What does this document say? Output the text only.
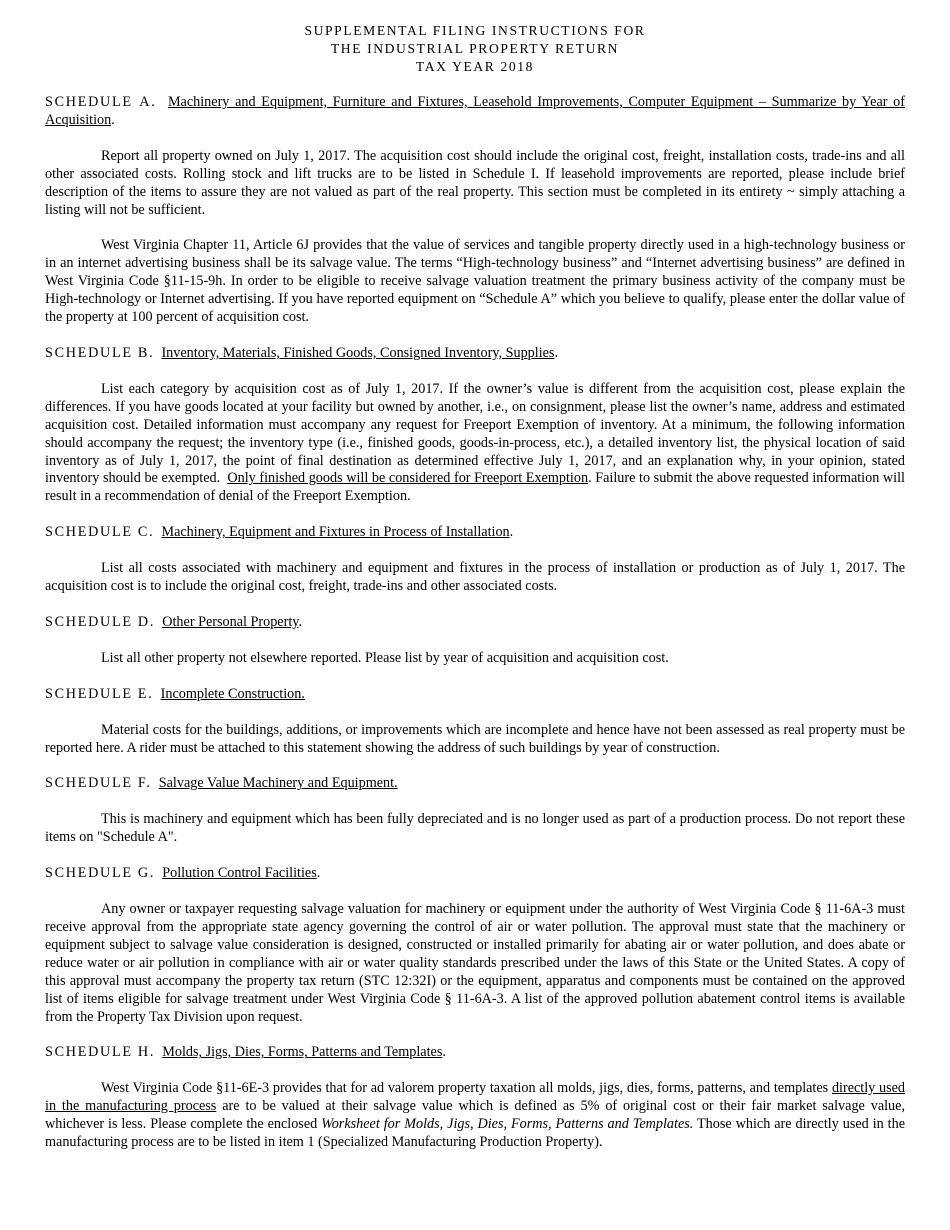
SUPPLEMENTAL FILING INSTRUCTIONS FOR
THE INDUSTRIAL PROPERTY RETURN
TAX YEAR 2018

SCHEDULE A. Machinery and Equipment, Furniture and Fixtures, Leasehold Improvements, Computer Equipment – Summarize by Year of Acquisition.

Report all property owned on July 1, 2017. The acquisition cost should include the original cost, freight, installation costs, trade-ins and all other associated costs. Rolling stock and lift trucks are to be listed in Schedule I. If leasehold improvements are reported, please include brief description of the items to assure they are not valued as part of the real property. This section must be completed in its entirety ~ simply attaching a listing will not be sufficient.

West Virginia Chapter 11, Article 6J provides that the value of services and tangible property directly used in a high-technology business or in an internet advertising business shall be its salvage value. The terms “High-technology business” and “Internet advertising business” are defined in West Virginia Code §11-15-9h. In order to be eligible to receive salvage valuation treatment the primary business activity of the company must be High-technology or Internet advertising. If you have reported equipment on “Schedule A” which you believe to qualify, please enter the dollar value of the property at 100 percent of acquisition cost.

SCHEDULE B. Inventory, Materials, Finished Goods, Consigned Inventory, Supplies.

List each category by acquisition cost as of July 1, 2017. If the owner’s value is different from the acquisition cost, please explain the differences. If you have goods located at your facility but owned by another, i.e., on consignment, please list the owner’s name, address and estimated acquisition cost. Detailed information must accompany any request for Freeport Exemption of inventory. At a minimum, the following information should accompany the request; the inventory type (i.e., finished goods, goods-in-process, etc.), a detailed inventory list, the physical location of said inventory as of July 1, 2017, the point of final destination as determined effective July 1, 2017, and an explanation why, in your opinion, stated inventory should be exempted. Only finished goods will be considered for Freeport Exemption. Failure to submit the above requested information will result in a recommendation of denial of the Freeport Exemption.

SCHEDULE C. Machinery, Equipment and Fixtures in Process of Installation.

List all costs associated with machinery and equipment and fixtures in the process of installation or production as of July 1, 2017. The acquisition cost is to include the original cost, freight, trade-ins and other associated costs.

SCHEDULE D. Other Personal Property.

List all other property not elsewhere reported. Please list by year of acquisition and acquisition cost.

SCHEDULE E. Incomplete Construction.

Material costs for the buildings, additions, or improvements which are incomplete and hence have not been assessed as real property must be reported here. A rider must be attached to this statement showing the address of such buildings by year of construction.

SCHEDULE F. Salvage Value Machinery and Equipment.

This is machinery and equipment which has been fully depreciated and is no longer used as part of a production process. Do not report these items on "Schedule A".

SCHEDULE G. Pollution Control Facilities.

Any owner or taxpayer requesting salvage valuation for machinery or equipment under the authority of West Virginia Code § 11-6A-3 must receive approval from the appropriate state agency governing the control of air or water pollution. The approval must state that the machinery or equipment subject to salvage value consideration is designed, constructed or installed primarily for abating air or water pollution, and does abate or reduce water or air pollution in compliance with air or water quality standards prescribed under the laws of this State or the United States. A copy of this approval must accompany the property tax return (STC 12:32I) or the equipment, apparatus and components must be contained on the approved list of items eligible for salvage treatment under West Virginia Code § 11-6A-3. A list of the approved pollution abatement control items is available from the Property Tax Division upon request.

SCHEDULE H. Molds, Jigs, Dies, Forms, Patterns and Templates.

West Virginia Code §11-6E-3 provides that for ad valorem property taxation all molds, jigs, dies, forms, patterns, and templates directly used in the manufacturing process are to be valued at their salvage value which is defined as 5% of original cost or their fair market salvage value, whichever is less. Please complete the enclosed Worksheet for Molds, Jigs, Dies, Forms, Patterns and Templates. Those which are directly used in the manufacturing process are to be listed in item 1 (Specialized Manufacturing Production Property).
